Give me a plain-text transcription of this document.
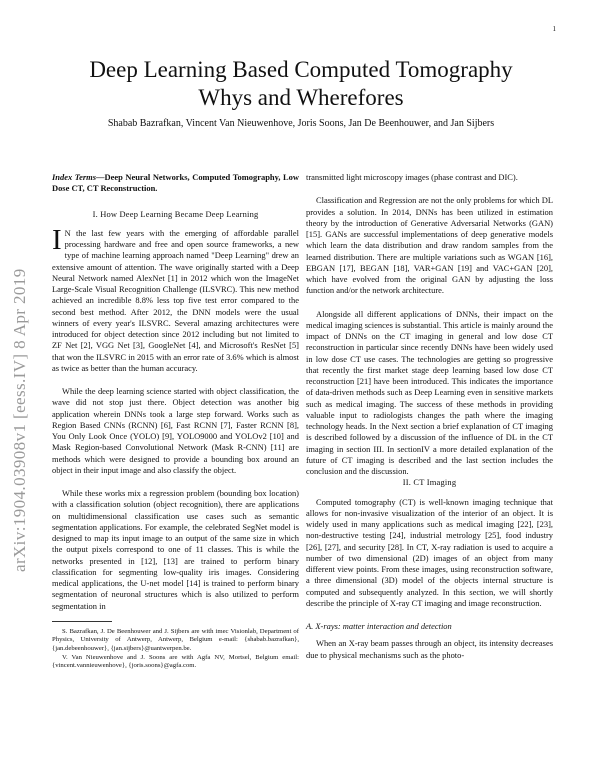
1
arXiv:1904.03908v1 [eess.IV] 8 Apr 2019
Deep Learning Based Computed Tomography
Whys and Wherefores
Shabab Bazrafkan, Vincent Van Nieuwenhove, Joris Soons, Jan De Beenhouwer, and Jan Sijbers

Index Terms—Deep Neural Networks, Computed Tomography, Low Dose CT, CT Reconstruction.

I. How Deep Learning Became Deep Learning

I N the last few years with the emerging of affordable parallel processing hardware and free and open source frameworks, a new type of machine learning approach named "Deep Learning" drew an extensive amount of attention. The wave originally started with a Deep Neural Network named AlexNet [1] in 2012 which won the ImageNet Large-Scale Visual Recognition Challenge (ILSVRC). This new method achieved an incredible 8.8% less top five test error compared to the second best method. After 2012, the DNN models were the usual winners of every year's ILSVRC. Several amazing architectures were introduced for object detection since 2012 including but not limited to ZF Net [2], VGG Net [3], GoogleNet [4], and Microsoft's ResNet [5] that won the ILSVRC in 2015 with an error rate of 3.6% which is almost as twice as better than the human accuracy.

While the deep learning science started with object classification, the wave did not stop just there. Object detection was another big application wherein DNNs took a large step forward. Works such as Region Based CNNs (RCNN) [6], Fast RCNN [7], Faster RCNN [8], You Only Look Once (YOLO) [9], YOLO9000 and YOLOv2 [10] and Mask Region-based Convolutional Network (Mask R-CNN) [11] are methods which were designed to provide a bounding box around an object in their input image and also classify the object.

While these works mix a regression problem (bounding box location) with a classification solution (object recognition), there are applications on multidimensional classification use cases such as semantic segmentation applications. For example, the celebrated SegNet model is designed to map its input image to an output of the same size in which the output pixels correspond to one of 11 classes. This is while the networks presented in [12], [13] are trained to perform binary classification for segmenting low-quality iris images. Considering medical applications, the U-net model [14] is trained to perform binary segmentation of neuronal structures which is also utilized to perform segmentation in

S. Bazrafkan, J. De Beenhouwer and J. Sijbers are with imec Visionlab, Department of Physics, University of Antwerp, Antwerp, Belgium e-mail: {shabab.bazrafkan}, {jan.debeenhouwer}, {jan.sijbers}@uantwerpen.be.

V. Van Nieuwenhove and J. Soons are with Agfa NV, Mortsel, Belgium email: {vincent.vannieuwenhove}, {joris.soons}@agfa.com.

transmitted light microscopy images (phase contrast and DIC).

Classification and Regression are not the only problems for which DL provides a solution. In 2014, DNNs has been utilized in estimation theory by the introduction of Generative Adversarial Networks (GAN) [15]. GANs are successful implementations of deep generative models which learn the data distribution and draw random samples from the learned distribution. There are multiple variations such as WGAN [16], EBGAN [17], BEGAN [18], VAR+GAN [19] and VAC+GAN [20], which have evolved from the original GAN by adjusting the loss function and/or the network architecture.

Alongside all different applications of DNNs, their impact on the medical imaging sciences is substantial. This article is mainly around the impact of DNNs on the CT imaging in general and low dose CT reconstruction in particular since recently DNNs have been widely used in low dose CT use cases. The technologies are getting so progressive that recently the first market stage deep learning based low dose CT reconstruction [21] have been introduced. This indicates the importance of data-driven methods such as Deep Learning even in sensitive markets such as medical imaging. The success of these methods in providing valuable input to radiologists changes the path where the imaging technology heads. In the Next section a brief explanation of CT imaging is described followed by a discussion of the influence of DL in the CT imaging in section III. In sectionIV a more detailed explanation of the future of CT imaging is described and the last section includes the conclusion and the discussion.

II. CT Imaging

Computed tomography (CT) is well-known imaging technique that allows for non-invasive visualization of the interior of an object. It is widely used in many applications such as medical imaging [22], [23], non-destructive testing [24], industrial metrology [25], food industry [26], [27], and security [28]. In CT, X-ray radiation is used to acquire a number of two dimensional (2D) images of an object from many different view points. From these images, using reconstruction software, a three dimensional (3D) model of the objects internal structure is computed and subsequently analyzed. In this section, we will shortly describe the principle of X-ray CT imaging and image reconstruction.

A. X-rays: matter interaction and detection

When an X-ray beam passes through an object, its intensity decreases due to physical mechanisms such as the photo-
